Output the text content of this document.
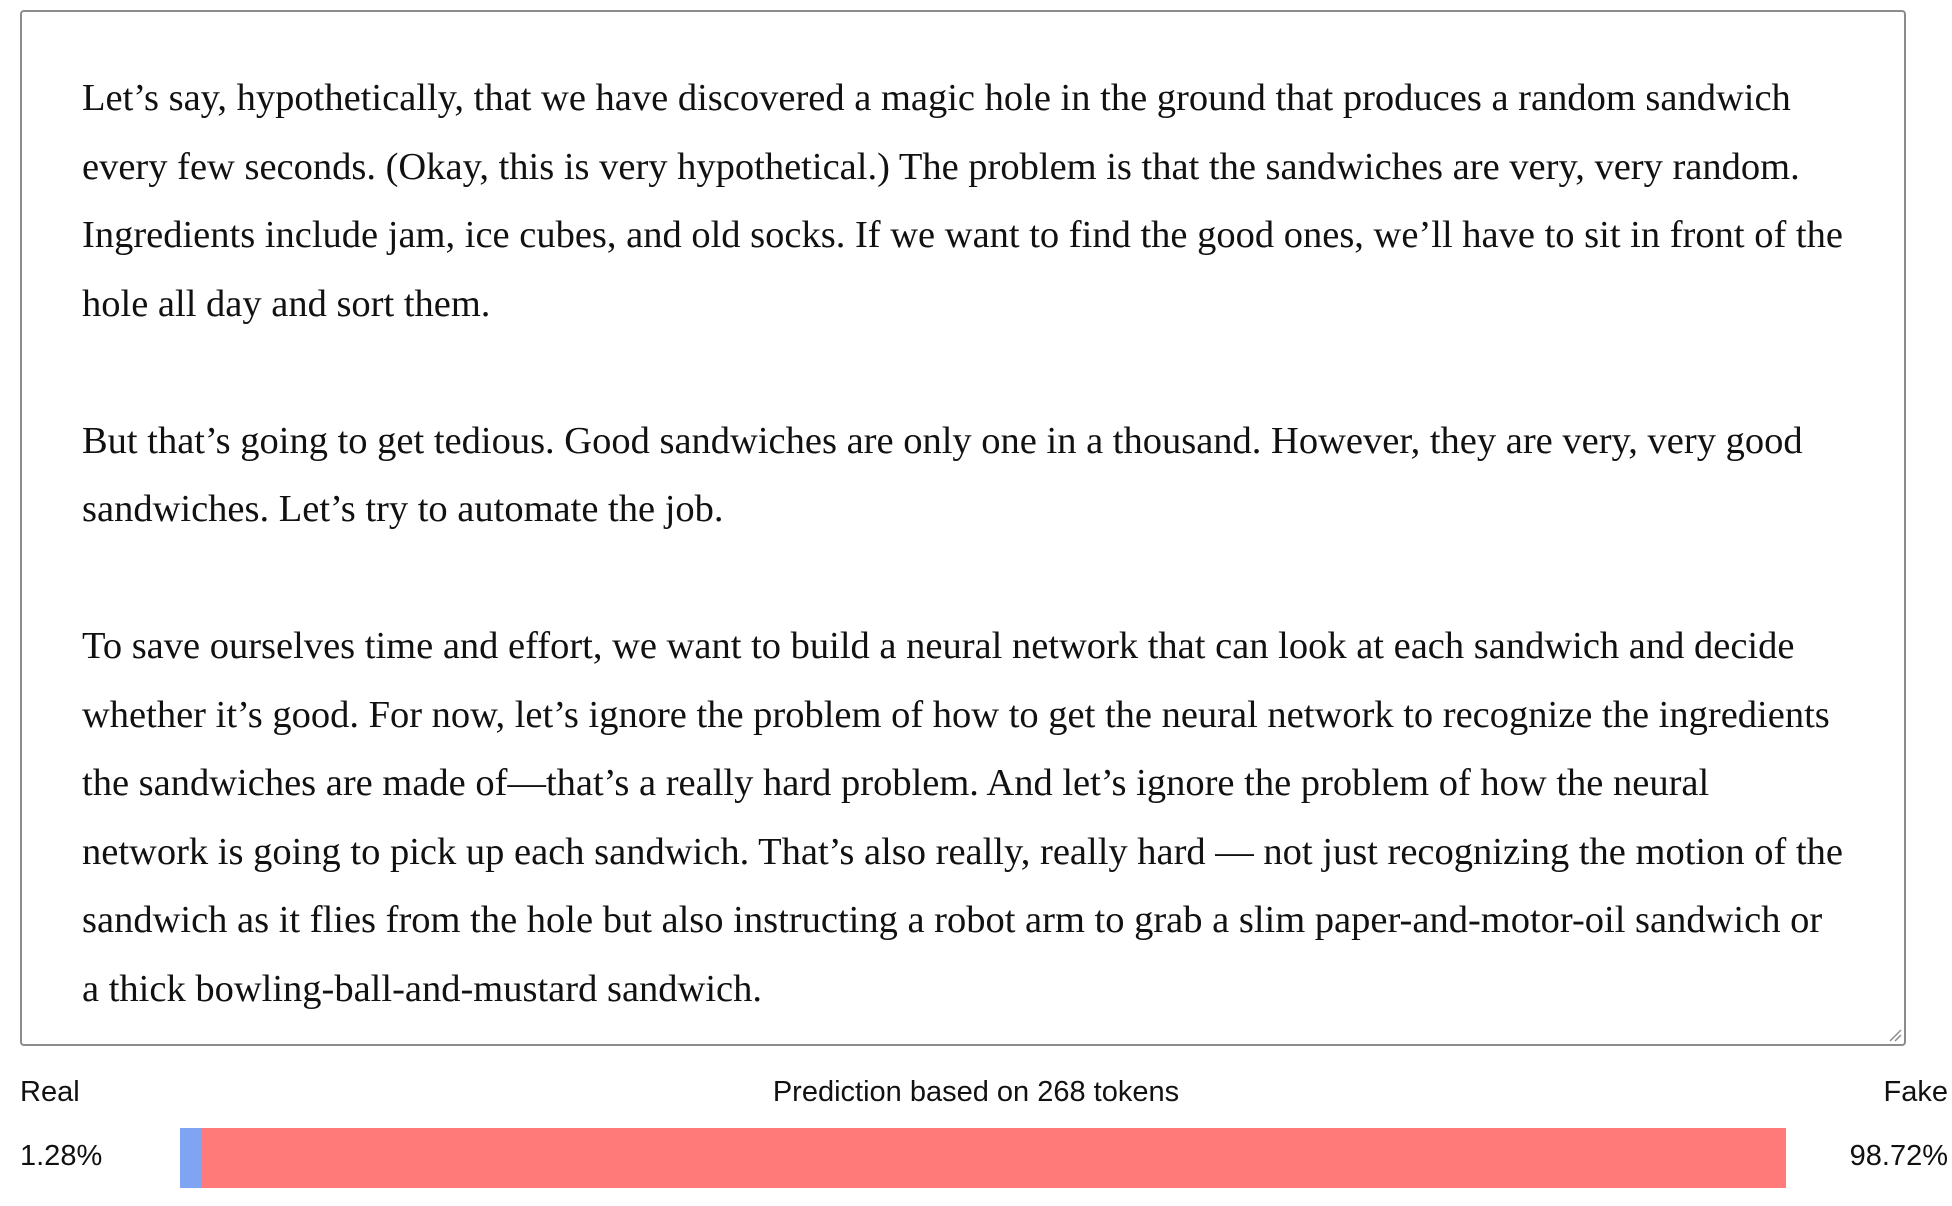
Let’s say, hypothetically, that we have discovered a magic hole in the ground that produces a random sandwich every few seconds. (Okay, this is very hypothetical.) The problem is that the sandwiches are very, very random. Ingredients include jam, ice cubes, and old socks. If we want to find the good ones, we’ll have to sit in front of the hole all day and sort them.

But that’s going to get tedious. Good sandwiches are only one in a thousand. However, they are very, very good sandwiches. Let’s try to automate the job.

To save ourselves time and effort, we want to build a neural network that can look at each sandwich and decide whether it’s good. For now, let’s ignore the problem of how to get the neural network to recognize the ingredients the sandwiches are made of—that’s a really hard problem. And let’s ignore the problem of how the neural network is going to pick up each sandwich. That’s also really, really hard — not just recognizing the motion of the sandwich as it flies from the hole but also instructing a robot arm to grab a slim paper-and-motor-oil sandwich or a thick bowling-ball-and-mustard sandwich.

Real	Prediction based on 268 tokens	Fake
1.28%	98.72%
